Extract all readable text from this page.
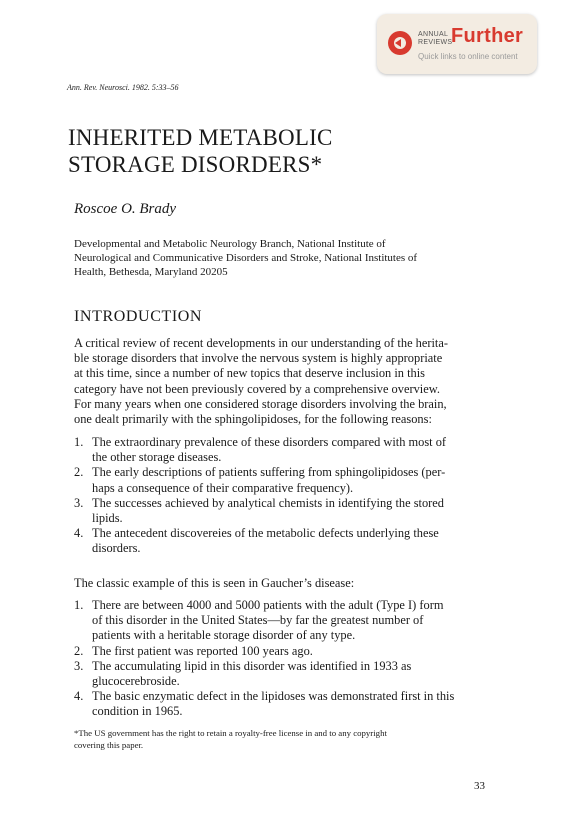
ANNUAL
REVIEWS
Further
Quick links to online content
Ann. Rev. Neurosci. 1982. 5:33–56
INHERITED METABOLIC
STORAGE DISORDERS*
Roscoe O. Brady
Developmental and Metabolic Neurology Branch, National Institute of
Neurological and Communicative Disorders and Stroke, National Institutes of
Health, Bethesda, Maryland 20205
INTRODUCTION
A critical review of recent developments in our understanding of the herita-
ble storage disorders that involve the nervous system is highly appropriate
at this time, since a number of new topics that deserve inclusion in this
category have not been previously covered by a comprehensive overview.
For many years when one considered storage disorders involving the brain,
one dealt primarily with the sphingolipidoses, for the following reasons:
1. The extraordinary prevalence of these disorders compared with most of
the other storage diseases.
2. The early descriptions of patients suffering from sphingolipidoses (per-
haps a consequence of their comparative frequency).
3. The successes achieved by analytical chemists in identifying the stored
lipids.
4. The antecedent discovereies of the metabolic defects underlying these
disorders.
The classic example of this is seen in Gaucher’s disease:
1. There are between 4000 and 5000 patients with the adult (Type I) form
of this disorder in the United States—by far the greatest number of
patients with a heritable storage disorder of any type.
2. The first patient was reported 100 years ago.
3. The accumulating lipid in this disorder was identified in 1933 as
glucocerebroside.
4. The basic enzymatic defect in the lipidoses was demonstrated first in this
condition in 1965.
*The US government has the right to retain a royalty-free license in and to any copyright
covering this paper.
33
